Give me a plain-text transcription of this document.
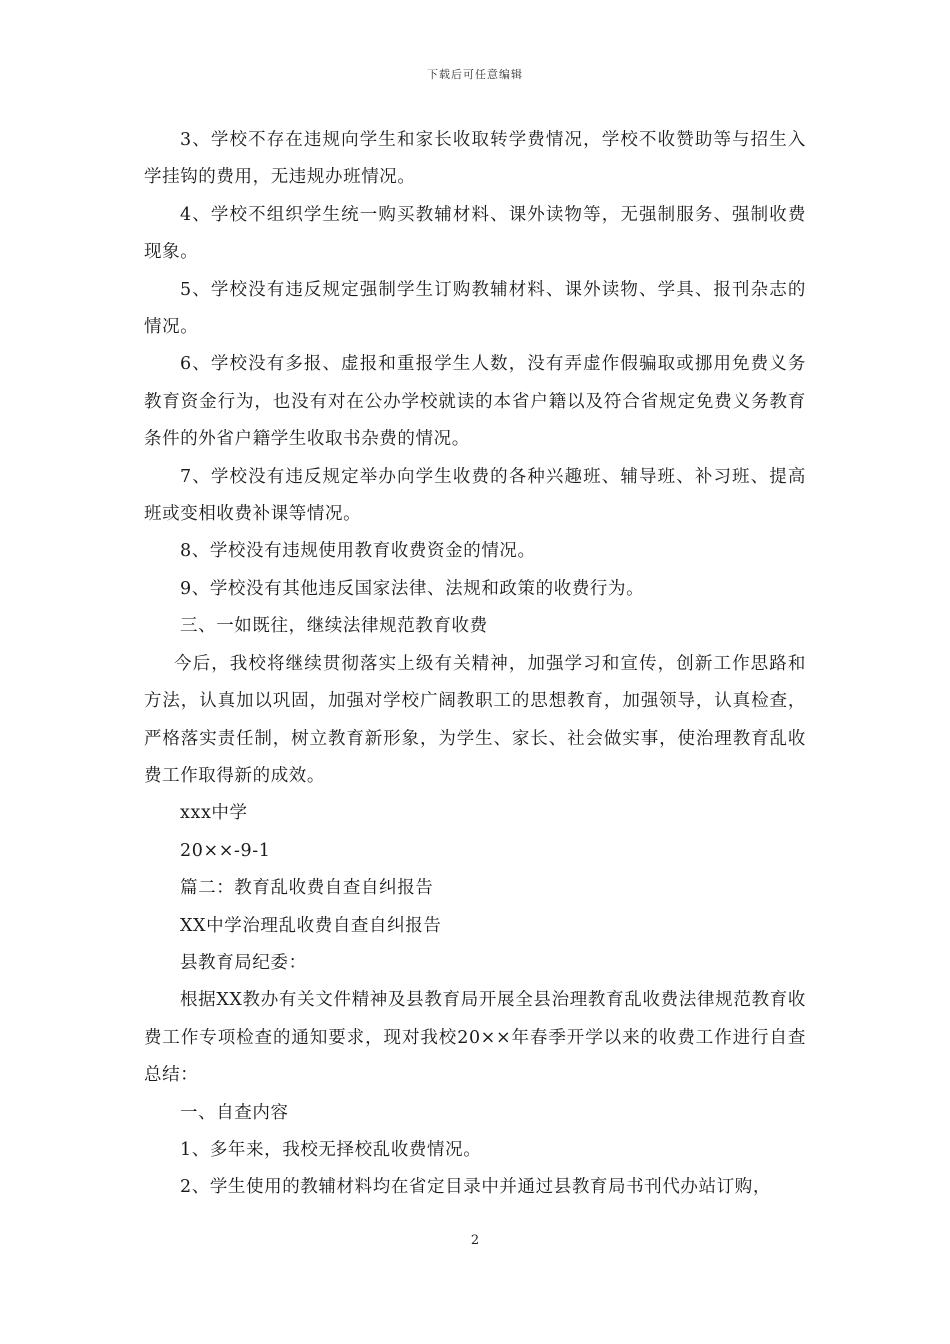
下载后可任意编辑

3、学校不存在违规向学生和家长收取转学费情况，学校不收赞助等与招生入学挂钩的费用，无违规办班情况。

4、学校不组织学生统一购买教辅材料、课外读物等，无强制服务、强制收费现象。

5、学校没有违反规定强制学生订购教辅材料、课外读物、学具、报刊杂志的情况。

6、学校没有多报、虚报和重报学生人数，没有弄虚作假骗取或挪用免费义务教育资金行为，也没有对在公办学校就读的本省户籍以及符合省规定免费义务教育条件的外省户籍学生收取书杂费的情况。

7、学校没有违反规定举办向学生收费的各种兴趣班、辅导班、补习班、提高班或变相收费补课等情况。

8、学校没有违规使用教育收费资金的情况。

9、学校没有其他违反国家法律、法规和政策的收费行为。

三、一如既往，继续法律规范教育收费

今后，我校将继续贯彻落实上级有关精神，加强学习和宣传，创新工作思路和方法，认真加以巩固，加强对学校广阔教职工的思想教育，加强领导，认真检查，严格落实责任制，树立教育新形象，为学生、家长、社会做实事，使治理教育乱收费工作取得新的成效。

xxx中学

20××-9-1

篇二：教育乱收费自查自纠报告

XX中学治理乱收费自查自纠报告

县教育局纪委：

根据XX教办有关文件精神及县教育局开展全县治理教育乱收费法律规范教育收费工作专项检查的通知要求，现对我校20××年春季开学以来的收费工作进行自查总结：

一、自查内容

1、多年来，我校无择校乱收费情况。

2、学生使用的教辅材料均在省定目录中并通过县教育局书刊代办站订购，

2
